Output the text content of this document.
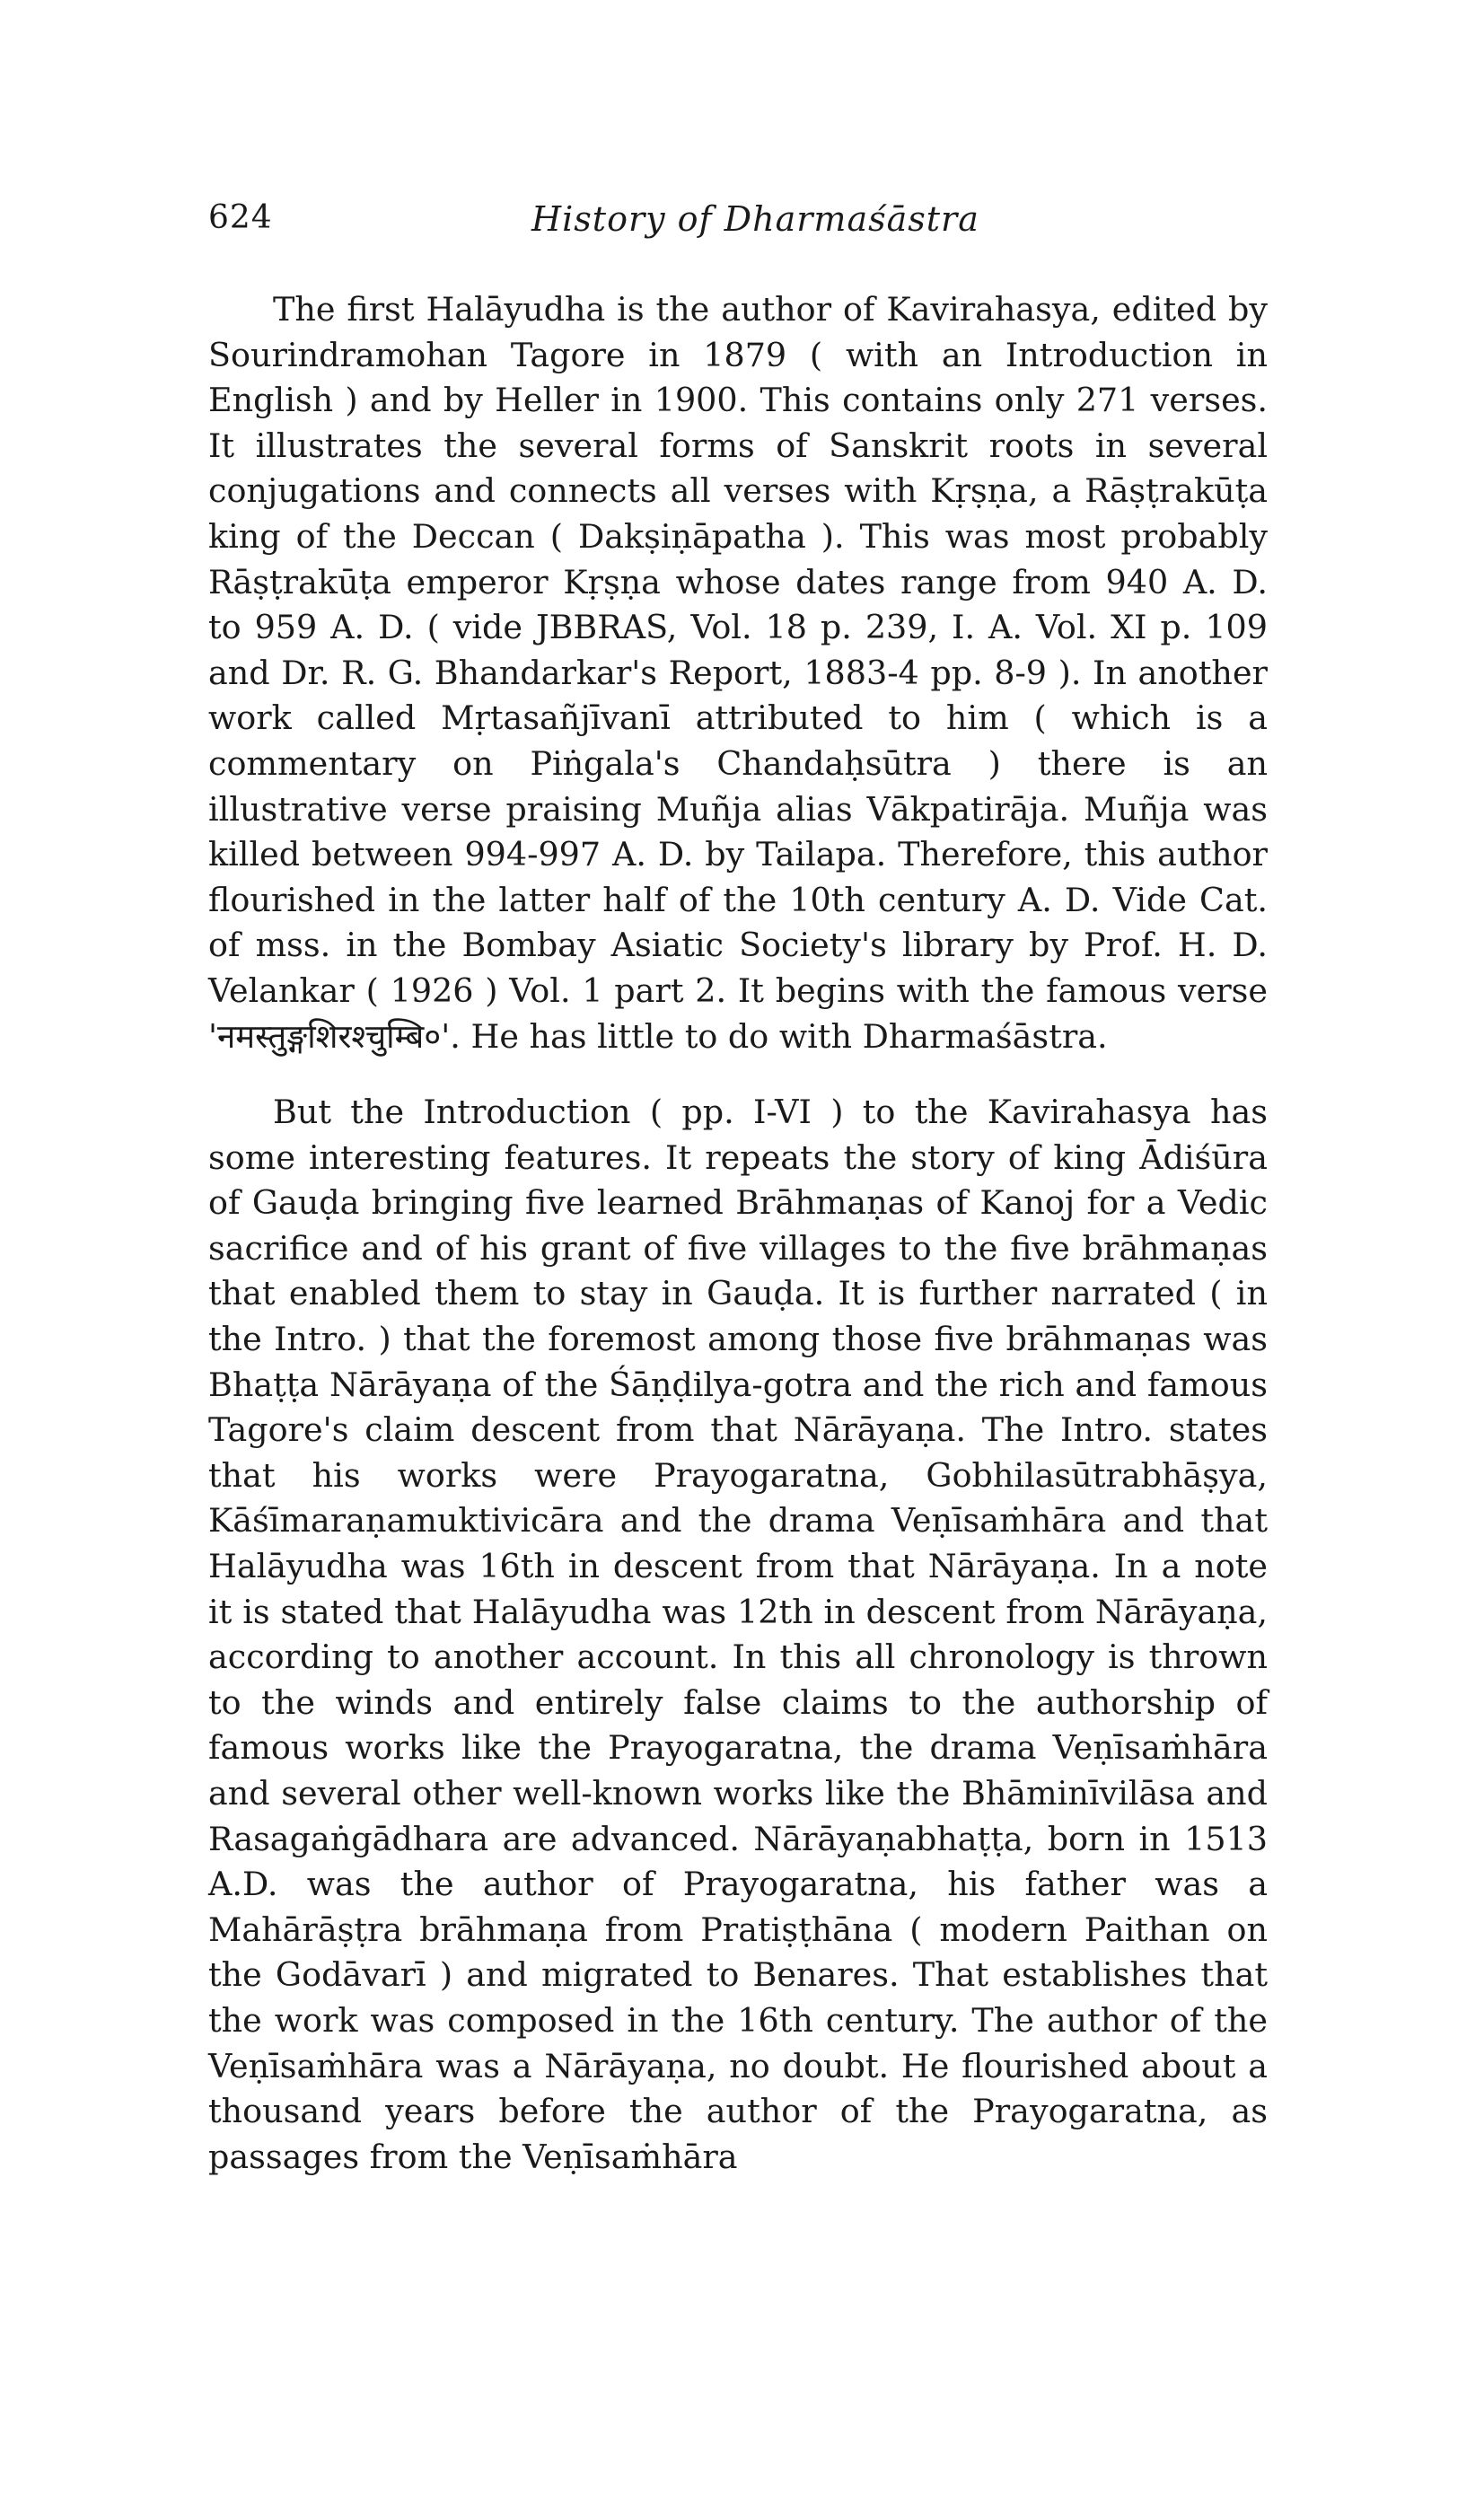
624	History of Dharmaśāstra

The first Halāyudha is the author of Kavirahasya, edited by Sourindramohan Tagore in 1879 ( with an Introduction in English ) and by Heller in 1900. This contains only 271 verses. It illustrates the several forms of Sanskrit roots in several conjugations and connects all verses with Kṛṣṇa, a Rāṣṭrakūṭa king of the Deccan ( Dakṣiṇāpatha ). This was most probably Rāṣṭrakūṭa emperor Kṛṣṇa whose dates range from 940 A. D. to 959 A. D. ( vide JBBRAS, Vol. 18 p. 239, I. A. Vol. XI p. 109 and Dr. R. G. Bhandarkar's Report, 1883-4 pp. 8-9 ). In another work called Mṛtasañjīvanī attributed to him ( which is a commentary on Piṅgala's Chandaḥsūtra ) there is an illustrative verse praising Muñja alias Vākpatirāja. Muñja was killed between 994-997 A. D. by Tailapa. Therefore, this author flourished in the latter half of the 10th century A. D. Vide Cat. of mss. in the Bombay Asiatic Society's library by Prof. H. D. Velankar ( 1926 ) Vol. 1 part 2. It begins with the famous verse 'नमस्तुङ्गशिरश्चुम्बि०'. He has little to do with Dharmaśāstra.

But the Introduction ( pp. I-VI ) to the Kavirahasya has some interesting features. It repeats the story of king Ādiśūra of Gauḍa bringing five learned Brāhmaṇas of Kanoj for a Vedic sacrifice and of his grant of five villages to the five brāhmaṇas that enabled them to stay in Gauḍa. It is further narrated ( in the Intro. ) that the foremost among those five brāhmaṇas was Bhaṭṭa Nārāyaṇa of the Śāṇḍilya-gotra and the rich and famous Tagore's claim descent from that Nārāyaṇa. The Intro. states that his works were Prayogaratna, Gobhilasūtrabhāṣya, Kāśīmaraṇamuktivicāra and the drama Veṇīsaṁhāra and that Halāyudha was 16th in descent from that Nārāyaṇa. In a note it is stated that Halāyudha was 12th in descent from Nārāyaṇa, according to another account. In this all chronology is thrown to the winds and entirely false claims to the authorship of famous works like the Prayogaratna, the drama Veṇīsaṁhāra and several other well-known works like the Bhāminīvilāsa and Rasagaṅgādhara are advanced. Nārāyaṇabhaṭṭa, born in 1513 A.D. was the author of Prayogaratna, his father was a Mahārāṣṭra brāhmaṇa from Pratiṣṭhāna ( modern Paithan on the Godāvarī ) and migrated to Benares. That establishes that the work was composed in the 16th century. The author of the Veṇīsaṁhāra was a Nārāyaṇa, no doubt. He flourished about a thousand years before the author of the Prayogaratna, as passages from the Veṇīsaṁhāra
